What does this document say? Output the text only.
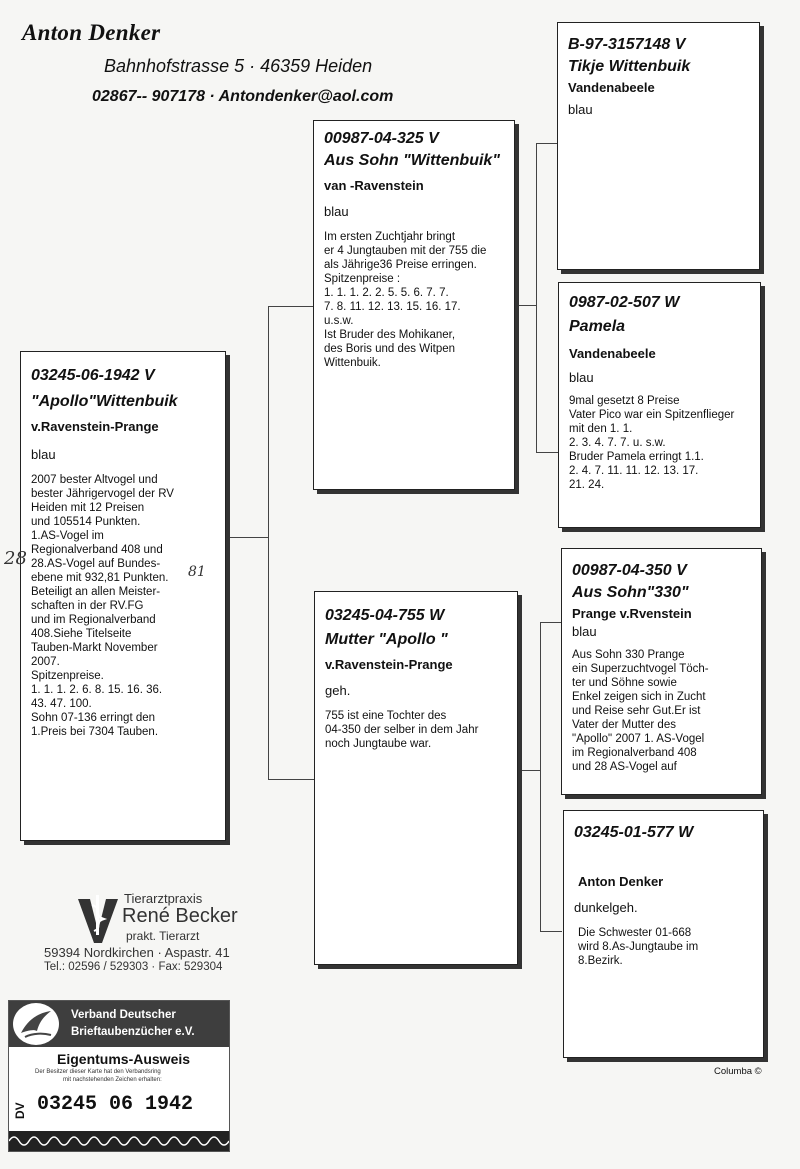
Anton Denker
Bahnhofstrasse 5 · 46359 Heiden
02867-- 907178 · Antondenker@aol.com
03245-06-1942 V
"Apollo"Wittenbuik
v.Ravenstein-Prange
blau
2007 bester Altvogel und
bester Jährigervogel der RV
Heiden mit 12 Preisen
und 105514 Punkten.
1.AS-Vogel im
Regionalverband 408 und
28.AS-Vogel auf Bundes-
ebene mit 932,81 Punkten.
Beteiligt an allen Meister-
schaften in der RV.FG
und im Regionalverband
408.Siehe Titelseite
Tauben-Markt November
2007.
Spitzenpreise.
1. 1. 1. 2. 6. 8. 15. 16. 36.
43. 47. 100.
Sohn 07-136 erringt den
1.Preis bei 7304 Tauben.
00987-04-325 V
Aus Sohn "Wittenbuik"
van -Ravenstein
blau
Im ersten Zuchtjahr bringt
er 4 Jungtauben mit der 755 die
als Jährige36 Preise erringen.
Spitzenpreise :
1. 1. 1. 2. 2. 5. 5. 6. 7. 7.
7. 8. 11. 12. 13. 15. 16. 17.
u.s.w.
Ist Bruder des Mohikaner,
des Boris und des Witpen
Wittenbuik.
03245-04-755 W
Mutter "Apollo "
v.Ravenstein-Prange
geh.
755 ist eine Tochter des
04-350 der selber in dem Jahr
noch Jungtaube war.
B-97-3157148 V
Tikje Wittenbuik
Vandenabeele
blau
0987-02-507 W
Pamela
Vandenabeele
blau
9mal gesetzt 8 Preise
Vater Pico war ein Spitzenflieger
mit den 1. 1.
2. 3. 4. 7. 7. u. s.w.
Bruder Pamela erringt 1.1.
2. 4. 7. 11. 11. 12. 13. 17.
21. 24.
00987-04-350 V
Aus Sohn"330"
Prange v.Rvenstein
blau
Aus Sohn 330 Prange
ein Superzuchtvogel Töch-
ter und Söhne sowie
Enkel zeigen sich in Zucht
und Reise sehr Gut.Er ist
Vater der Mutter des
"Apollo" 2007 1. AS-Vogel
im Regionalverband 408
und 28 AS-Vogel auf
03245-01-577 W
Anton Denker
dunkelgeh.
Die Schwester 01-668
wird 8.As-Jungtaube im
8.Bezirk.
28
81
Tierarztpraxis
René Becker
prakt. Tierarzt
59394 Nordkirchen · Aspastr. 41
Tel.: 02596 / 529303 · Fax: 529304
Verband Deutscher
Brieftaubenzücher e.V.
Eigentums-Ausweis
Der Besitzer dieser Karte hat den Verbandsring
mit nachstehenden Zeichen erhalten:
DV 03245 06 1942
Columba ©
